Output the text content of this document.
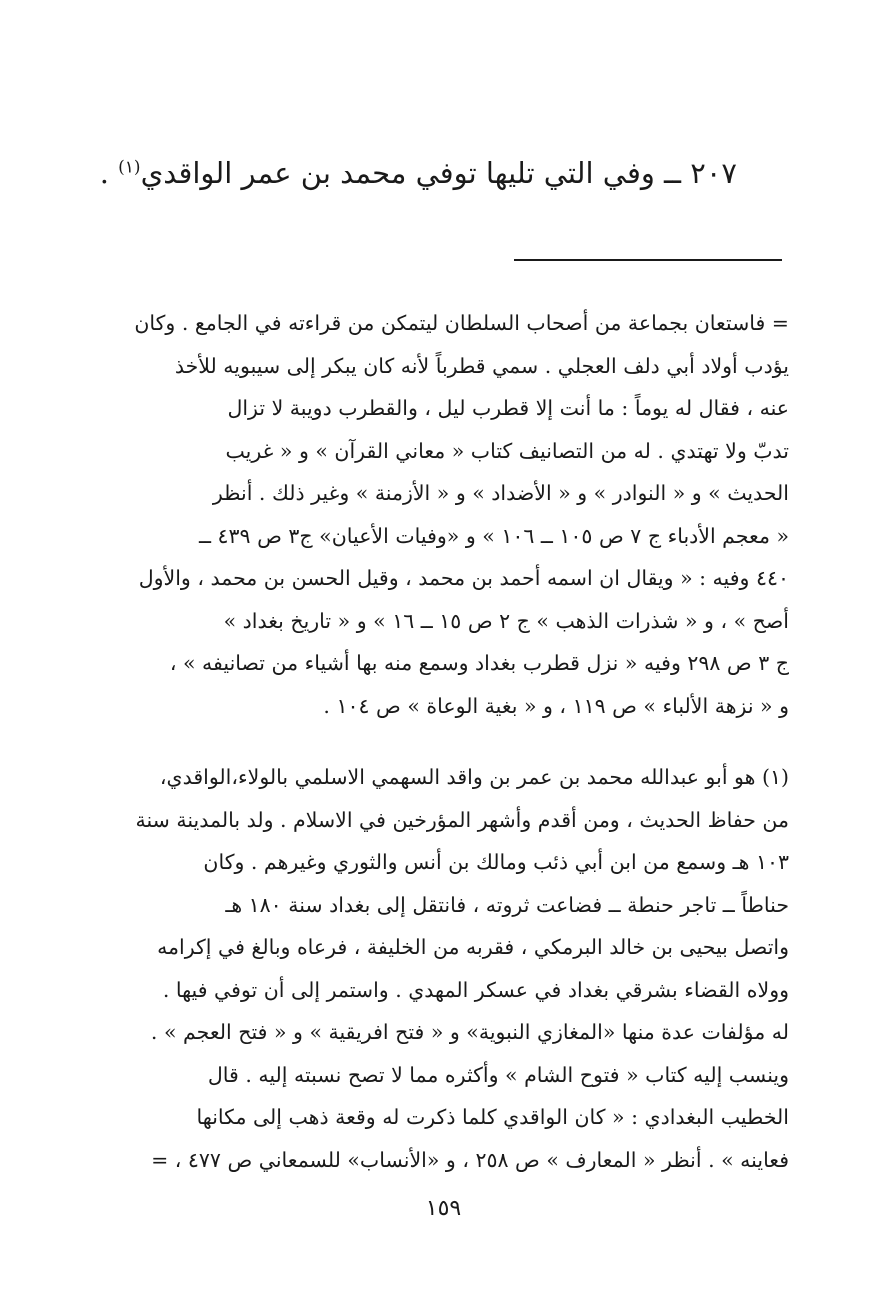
٢٠٧ ــ وفي التي تليها توفي محمد بن عمر الواقدي$^{(١)}$ .
= فاستعان بجماعة من أصحاب السلطان ليتمكن من قراءته في الجامع . وكان
يؤدب أولاد أبي دلف العجلي . سمي قطرباً لأنه كان يبكر إلى سيبويه للأخذ
عنه ، فقال له يوماً : ما أنت إلا قطرب ليل ، والقطرب دويبة لا تزال
تدبّ ولا تهتدي . له من التصانيف كتاب « معاني القرآن » و « غريب
الحديث » و « النوادر » و « الأضداد » و « الأزمنة » وغير ذلك . أنظر
« معجم الأدباء ج ٧ ص ١٠٥ ــ ١٠٦ » و «وفيات الأعيان» ج٣ ص ٤٣٩ ــ
٤٤٠ وفيه : « ويقال ان اسمه أحمد بن محمد ، وقيل الحسن بن محمد ، والأول
أصح » ، و « شذرات الذهب » ج ٢ ص ١٥ ــ ١٦ » و « تاريخ بغداد »
ج ٣ ص ٢٩٨ وفيه « نزل قطرب بغداد وسمع منه بها أشياء من تصانيفه » ،
و « نزهة الألباء » ص ١١٩ ، و « بغية الوعاة » ص ١٠٤ .
(١) هو أبو عبدالله محمد بن عمر بن واقد السهمي الاسلمي بالولاء،الواقدي،
من حفاظ الحديث ، ومن أقدم وأشهر المؤرخين في الاسلام . ولد بالمدينة سنة
١٠٣ هـ وسمع من ابن أبي ذئب ومالك بن أنس والثوري وغيرهم . وكان
حناطاً ــ تاجر حنطة ــ فضاعت ثروته ، فانتقل إلى بغداد سنة ١٨٠ هـ
واتصل بيحيى بن خالد البرمكي ، فقربه من الخليفة ، فرعاه وبالغ في إكرامه
وولاه القضاء بشرقي بغداد في عسكر المهدي . واستمر إلى أن توفي فيها .
له مؤلفات عدة منها «المغازي النبوية» و « فتح افريقية » و « فتح العجم » .
وينسب إليه كتاب « فتوح الشام » وأكثره مما لا تصح نسبته إليه . قال
الخطيب البغدادي : « كان الواقدي كلما ذكرت له وقعة ذهب إلى مكانها
فعاينه » . أنظر « المعارف » ص ٢٥٨ ، و «الأنساب» للسمعاني ص ٤٧٧ ، =
١٥٩
